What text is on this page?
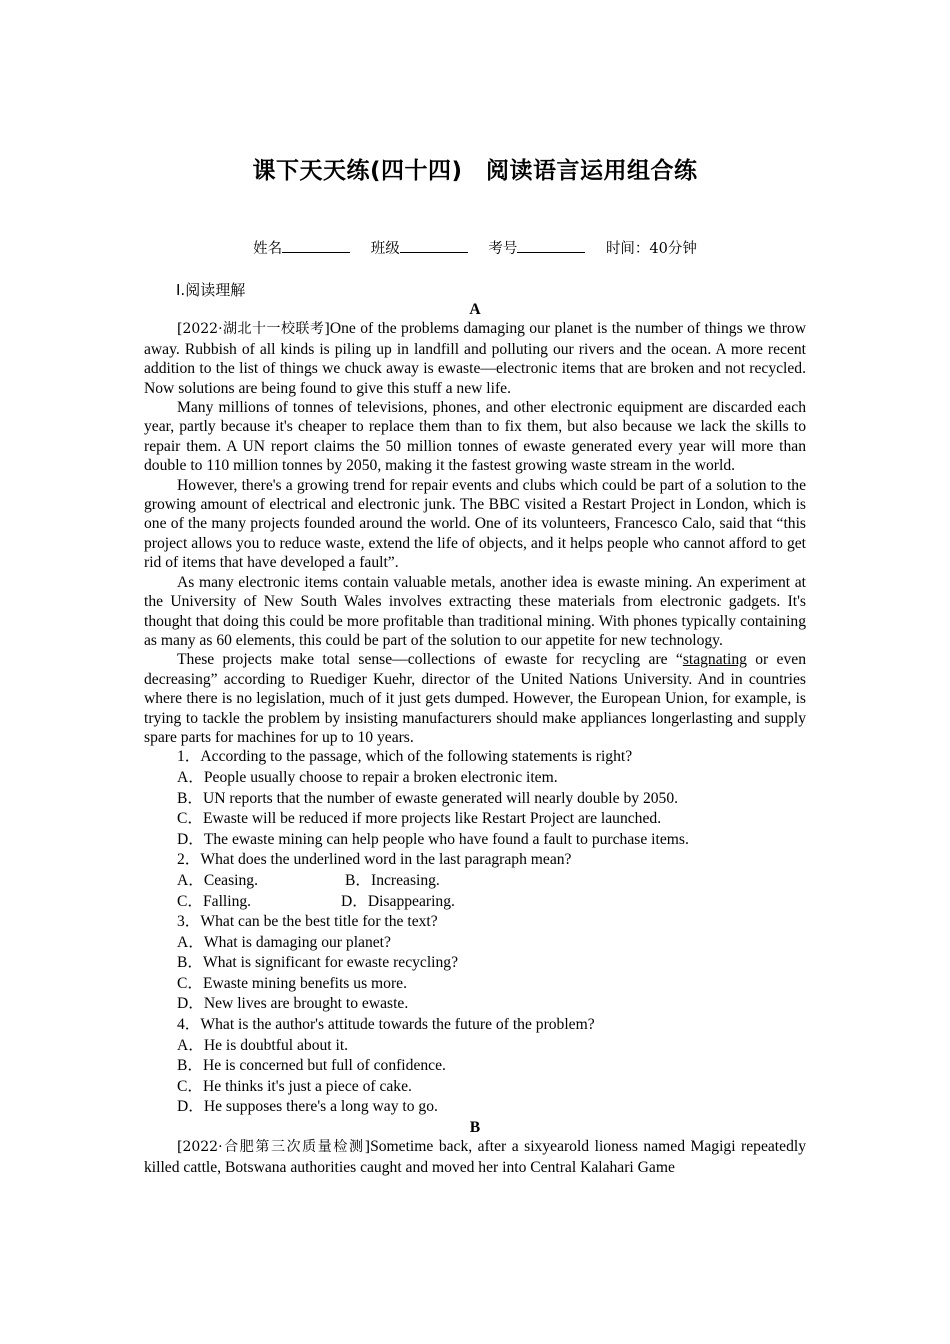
课下天天练(四十四)　阅读语言运用组合练
姓名	班级	考号	时间：40分钟

Ⅰ.阅读理解

A

[2022·湖北十一校联考]One of the problems damaging our planet is the number of things we throw away. Rubbish of all kinds is piling up in landfill and polluting our rivers and the ocean. A more recent addition to the list of things we chuck away is ewaste—electronic items that are broken and not recycled. Now solutions are being found to give this stuff a new life.

Many millions of tonnes of televisions, phones, and other electronic equipment are discarded each year, partly because it's cheaper to replace them than to fix them, but also because we lack the skills to repair them. A UN report claims the 50 million tonnes of ewaste generated every year will more than double to 110 million tonnes by 2050, making it the fastest growing waste stream in the world.

However, there's a growing trend for repair events and clubs which could be part of a solution to the growing amount of electrical and electronic junk. The BBC visited a Restart Project in London, which is one of the many projects founded around the world. One of its volunteers, Francesco Calo, said that “this project allows you to reduce waste, extend the life of objects, and it helps people who cannot afford to get rid of items that have developed a fault”.

As many electronic items contain valuable metals, another idea is ewaste mining. An experiment at the University of New South Wales involves extracting these materials from electronic gadgets. It's thought that doing this could be more profitable than traditional mining. With phones typically containing as many as 60 elements, this could be part of the solution to our appetite for new technology.

These projects make total sense—collections of ewaste for recycling are “stagnating or even decreasing” according to Ruediger Kuehr, director of the United Nations University. And in countries where there is no legislation, much of it just gets dumped. However, the European Union, for example, is trying to tackle the problem by insisting manufacturers should make appliances longerlasting and supply spare parts for machines for up to 10 years.

1．According to the passage, which of the following statements is right?

A．People usually choose to repair a broken electronic item.

B．UN reports that the number of ewaste generated will nearly double by 2050.

C．Ewaste will be reduced if more projects like Restart Project are launched.

D．The ewaste mining can help people who have found a fault to purchase items.

2．What does the underlined word in the last paragraph mean?

A．Ceasing.	B．Increasing.

C．Falling.	D．Disappearing.

3．What can be the best title for the text?

A．What is damaging our planet?

B．What is significant for ewaste recycling?

C．Ewaste mining benefits us more.

D．New lives are brought to ewaste.

4．What is the author's attitude towards the future of the problem?

A．He is doubtful about it.

B．He is concerned but full of confidence.

C．He thinks it's just a piece of cake.

D．He supposes there's a long way to go.

B

[2022·合肥第三次质量检测]Sometime back, after a sixyearold lioness named Magigi repeatedly killed cattle, Botswana authorities caught and moved her into Central Kalahari Game
